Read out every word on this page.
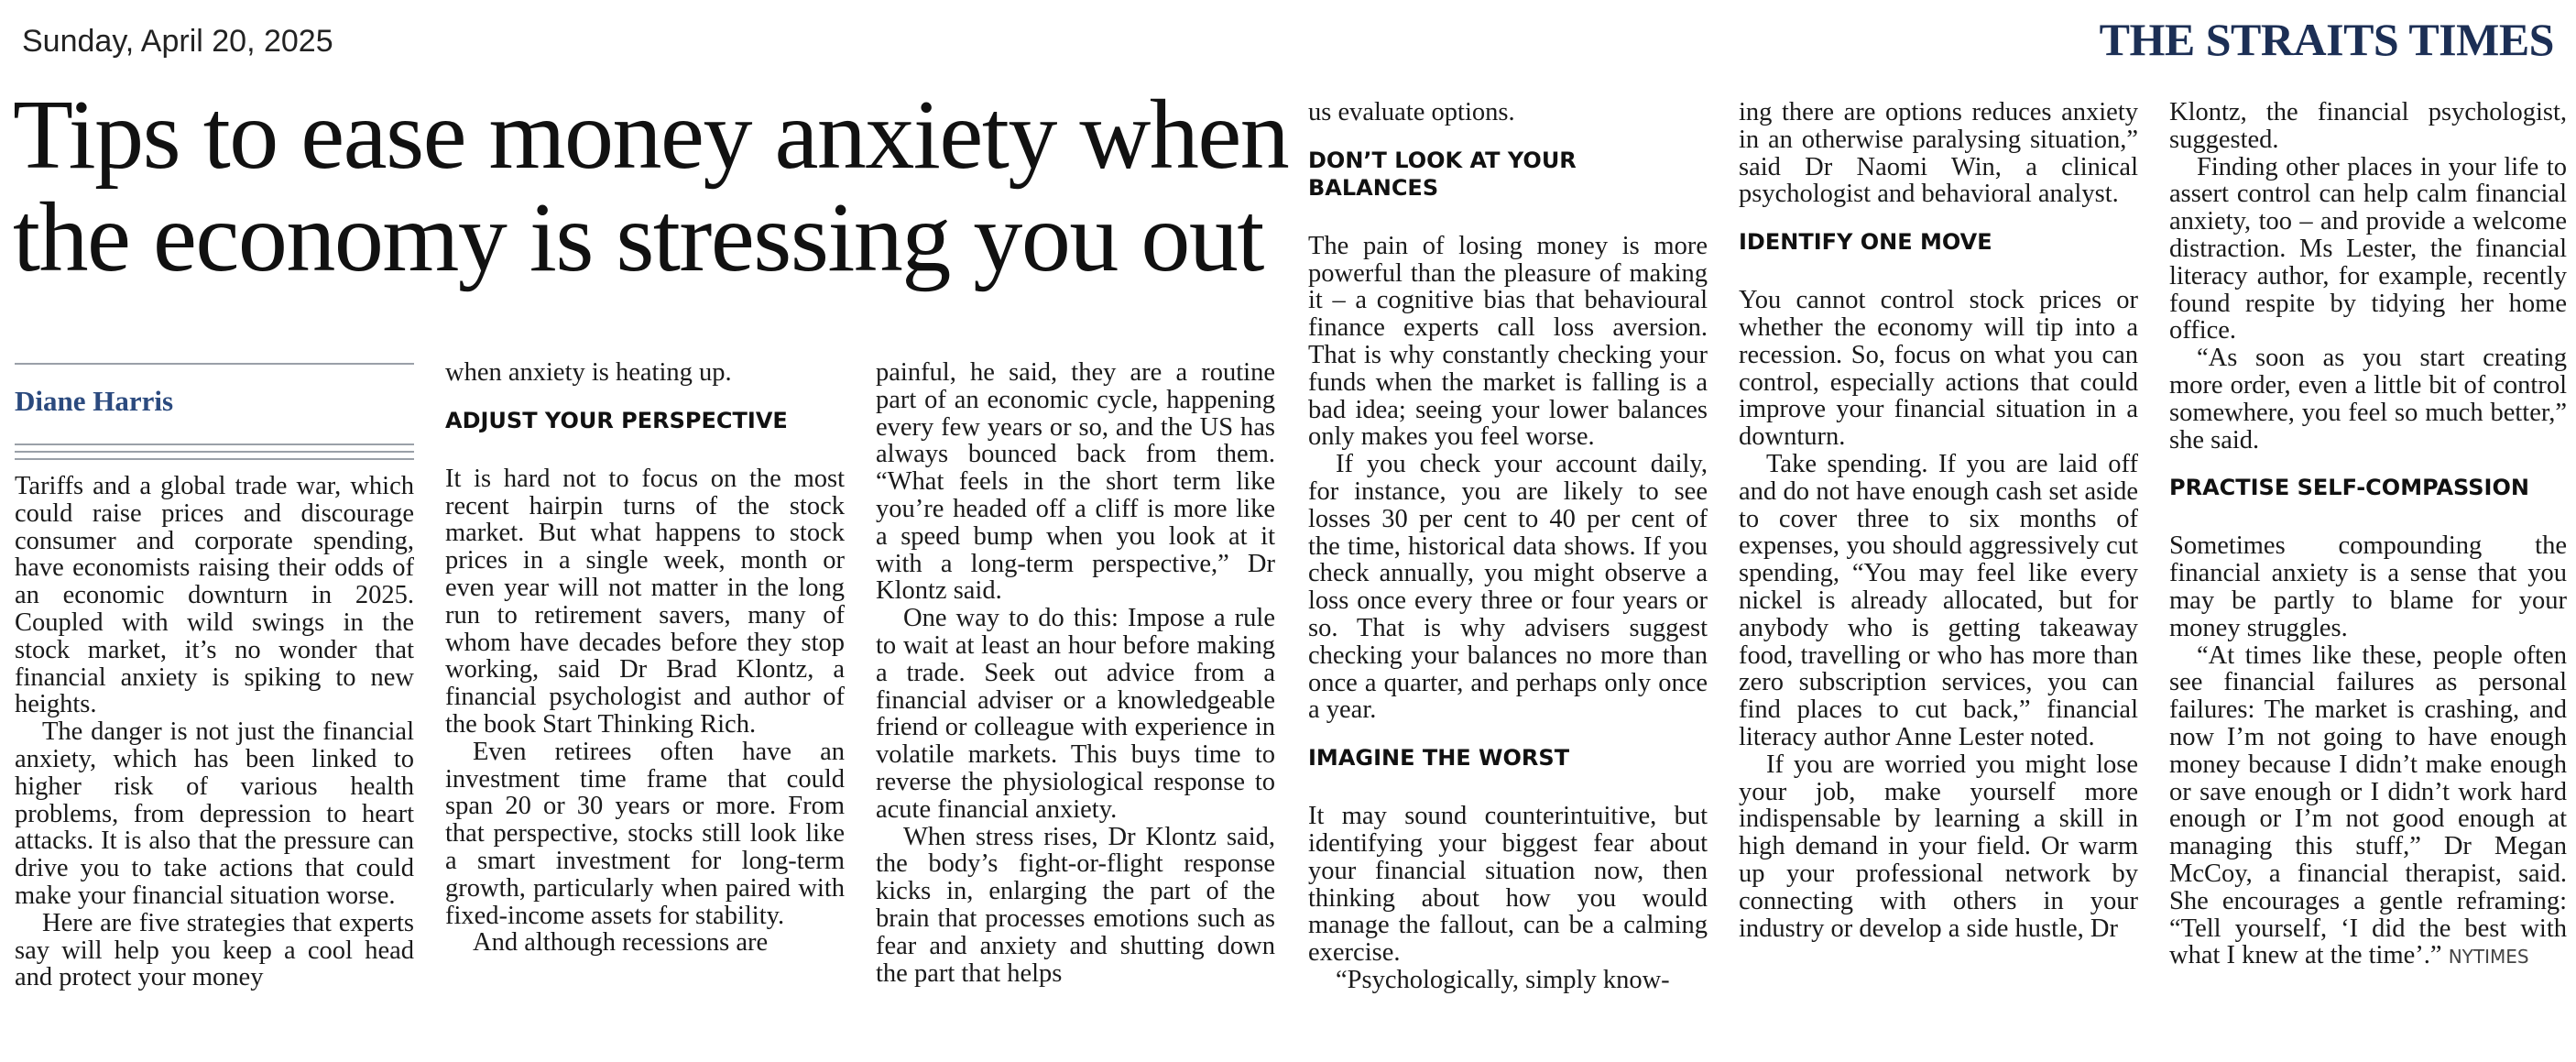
Sunday, April 20, 2025	THE STRAITS TIMES
Tips to ease money anxiety when the economy is stressing you out
Diane Harris

Tariffs and a global trade war, which could raise prices and discourage consumer and corporate spending, have economists raising their odds of an economic downturn in 2025. Coupled with wild swings in the stock market, it’s no wonder that financial anxiety is spiking to new heights.

The danger is not just the financial anxiety, which has been linked to higher risk of various health problems, from depression to heart attacks. It is also that the pressure can drive you to take actions that could make your financial situation worse.

Here are five strategies that experts say will help you keep a cool head and protect your money

when anxiety is heating up.

ADJUST YOUR PERSPECTIVE

It is hard not to focus on the most recent hairpin turns of the stock market. But what happens to stock prices in a single week, month or even year will not matter in the long run to retirement savers, many of whom have decades before they stop working, said Dr Brad Klontz, a financial psychologist and author of the book Start Thinking Rich.

Even retirees often have an investment time frame that could span 20 or 30 years or more. From that perspective, stocks still look like a smart investment for long-term growth, particularly when paired with fixed-income assets for stability.

And although recessions are

painful, he said, they are a routine part of an economic cycle, happening every few years or so, and the US has always bounced back from them. “What feels in the short term like you’re headed off a cliff is more like a speed bump when you look at it with a long-term perspective,” Dr Klontz said.

One way to do this: Impose a rule to wait at least an hour before making a trade. Seek out advice from a financial adviser or a knowledgeable friend or colleague with experience in volatile markets. This buys time to reverse the physiological response to acute financial anxiety.

When stress rises, Dr Klontz said, the body’s fight-or-flight response kicks in, enlarging the part of the brain that processes emotions such as fear and anxiety and shutting down the part that helps

us evaluate options.

DON’T LOOK AT YOUR BALANCES

The pain of losing money is more powerful than the pleasure of making it – a cognitive bias that behavioural finance experts call loss aversion. That is why constantly checking your funds when the market is falling is a bad idea; seeing your lower balances only makes you feel worse.

If you check your account daily, for instance, you are likely to see losses 30 per cent to 40 per cent of the time, historical data shows. If you check annually, you might observe a loss once every three or four years or so. That is why advisers suggest checking your balances no more than once a quarter, and perhaps only once a year.

IMAGINE THE WORST

It may sound counterintuitive, but identifying your biggest fear about your financial situation now, then thinking about how you would manage the fallout, can be a calming exercise.

“Psychologically, simply know-

ing there are options reduces anxiety in an otherwise paralysing situation,” said Dr Naomi Win, a clinical psychologist and behavioral analyst.

IDENTIFY ONE MOVE

You cannot control stock prices or whether the economy will tip into a recession. So, focus on what you can control, especially actions that could improve your financial situation in a downturn.

Take spending. If you are laid off and do not have enough cash set aside to cover three to six months of expenses, you should aggressively cut spending, “You may feel like every nickel is already allocated, but for anybody who is getting takeaway food, travelling or who has more than zero subscription services, you can find places to cut back,” financial literacy author Anne Lester noted.

If you are worried you might lose your job, make yourself more indispensable by learning a skill in high demand in your field. Or warm up your professional network by connecting with others in your industry or develop a side hustle, Dr

Klontz, the financial psychologist, suggested.

Finding other places in your life to assert control can help calm financial anxiety, too – and provide a welcome distraction. Ms Lester, the financial literacy author, for example, recently found respite by tidying her home office.

“As soon as you start creating more order, even a little bit of control somewhere, you feel so much better,” she said.

PRACTISE SELF-COMPASSION

Sometimes compounding the financial anxiety is a sense that you may be partly to blame for your money struggles.

“At times like these, people often see financial failures as personal failures: The market is crashing, and now I’m not going to have enough money because I didn’t make enough or save enough or I didn’t work hard enough or I’m not good enough at managing this stuff,” Dr Megan McCoy, a financial therapist, said. She encourages a gentle reframing: “Tell yourself, ‘I did the best with what I knew at the time’.” NYTIMES
